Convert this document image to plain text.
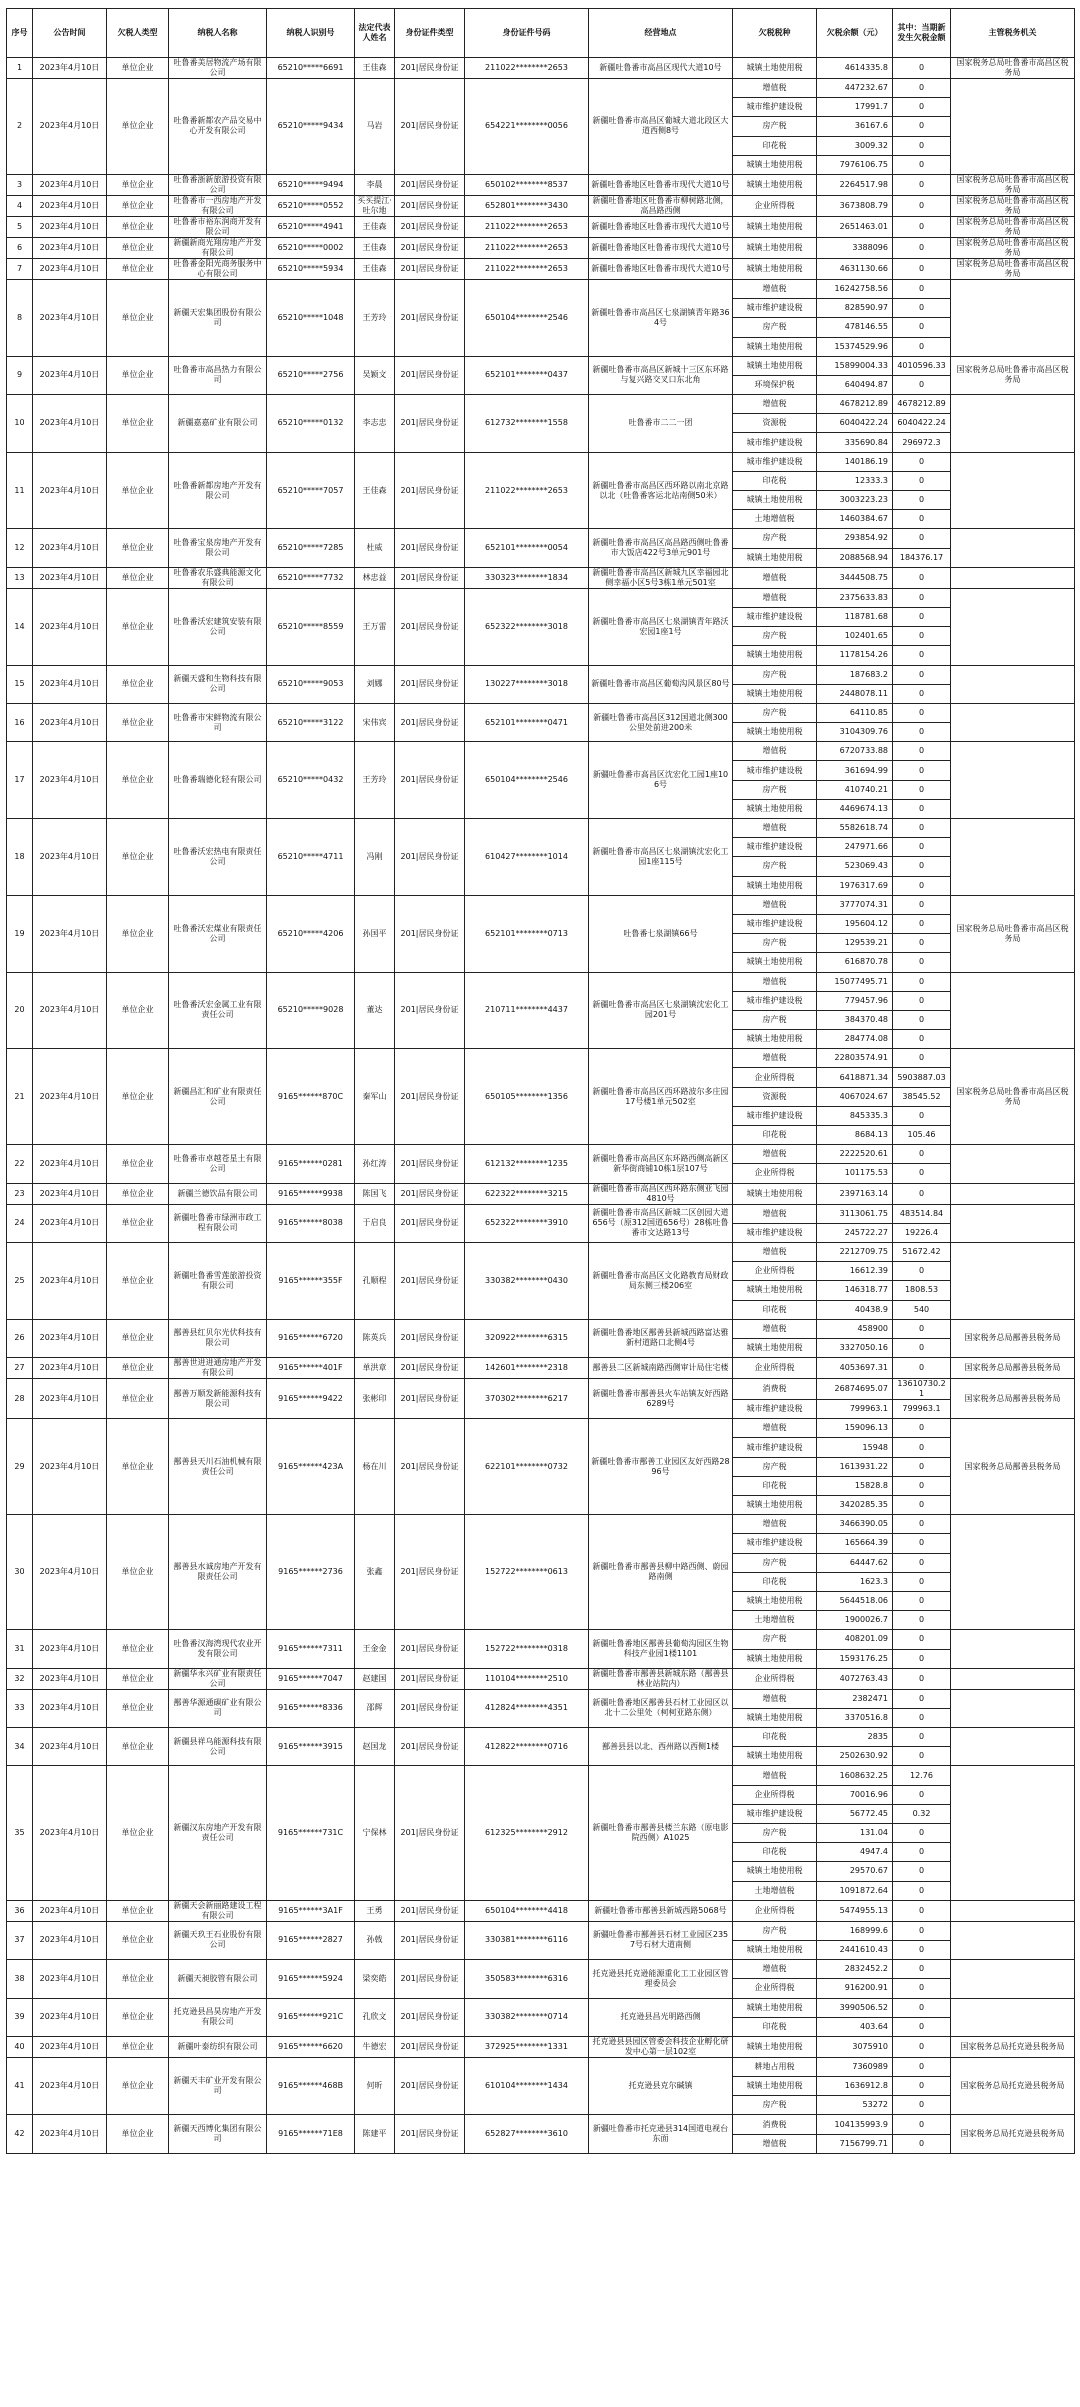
序号	公告时间	欠税人类型	纳税人名称	纳税人识别号	法定代表人姓名	身份证件类型	身份证件号码	经营地点	欠税税种	欠税余额（元）	其中：当期新发生欠税金额	主管税务机关
1	2023年4月10日	单位企业	吐鲁番美居物流产场有限公司	65210*****6691	王佳森	201|居民身份证	211022********2653	新疆吐鲁番市高昌区现代大道10号	城镇土地使用税	4614335.8	0	国家税务总局吐鲁番市高昌区税务局
2	2023年4月10日	单位企业	吐鲁番新都农产品交易中心开发有限公司	65210*****9434	马岩	201|居民身份证	654221********0056	新疆吐鲁番市高昌区葡城大道北段区大道西侧8号	增值税	447232.67	0	
									城市维护建设税	17991.7	0	
									房产税	36167.6	0	
									印花税	3009.32	0	
									城镇土地使用税	7976106.75	0	
3	2023年4月10日	单位企业	吐鲁番浙新旅游投资有限公司	65210*****9494	李晨	201|居民身份证	650102********8537	新疆吐鲁番地区吐鲁番市现代大道10号	城镇土地使用税	2264517.98	0	国家税务总局吐鲁番市高昌区税务局
4	2023年4月10日	单位企业	吐鲁番市一西房地产开发有限公司	65210*****0552	买买提江·吐尔地	201|居民身份证	652801********3430	新疆吐鲁番地区吐鲁番市柳树路北侧，高昌路西侧	企业所得税	3673808.79	0	国家税务总局吐鲁番市高昌区税务局
5	2023年4月10日	单位企业	吐鲁番市裕东润商开发有限公司	65210*****4941	王佳森	201|居民身份证	211022********2653	新疆吐鲁番地区吐鲁番市现代大道10号	城镇土地使用税	2651463.01	0	国家税务总局吐鲁番市高昌区税务局
6	2023年4月10日	单位企业	新疆新商光翔房地产开发有限公司	65210*****0002	王佳森	201|居民身份证	211022********2653	新疆吐鲁番地区吐鲁番市现代大道10号	城镇土地使用税	3388096	0	国家税务总局吐鲁番市高昌区税务局
7	2023年4月10日	单位企业	吐鲁番金阳光商务服务中心有限公司	65210*****5934	王佳森	201|居民身份证	211022********2653	新疆吐鲁番地区吐鲁番市现代大道10号	城镇土地使用税	4631130.66	0	国家税务总局吐鲁番市高昌区税务局
8	2023年4月10日	单位企业	新疆天宏集团股份有限公司	65210*****1048	王芳玲	201|居民身份证	650104********2546	新疆吐鲁番市高昌区七泉湖镇青年路364号	增值税	16242758.56	0	
									城市维护建设税	828590.97	0	
									房产税	478146.55	0	
									城镇土地使用税	15374529.96	0	
9	2023年4月10日	单位企业	吐鲁番市高昌热力有限公司	65210*****2756	吴颖文	201|居民身份证	652101********0437	新疆吐鲁番市高昌区新城十三区东环路与复兴路交叉口东北角	城镇土地使用税	15899004.33	4010596.33	国家税务总局吐鲁番市高昌区税务局
									环境保护税	640494.87	0	
10	2023年4月10日	单位企业	新疆嘉嘉矿业有限公司	65210*****0132	李志忠	201|居民身份证	612732********1558	吐鲁番市二二一团	增值税	4678212.89	4678212.89	
									资源税	6040422.24	6040422.24	
									城市维护建设税	335690.84	296972.3	
11	2023年4月10日	单位企业	吐鲁番新都房地产开发有限公司	65210*****7057	王佳森	201|居民身份证	211022********2653	新疆吐鲁番市高昌区西环路以南北京路以北（吐鲁番客运北站南侧50米）	城市维护建设税	140186.19	0	
									印花税	12333.3	0	
									城镇土地使用税	3003223.23	0	
									土地增值税	1460384.67	0	
12	2023年4月10日	单位企业	吐鲁番宝泉房地产开发有限公司	65210*****7285	杜威	201|居民身份证	652101********0054	新疆吐鲁番市高昌区高昌路西侧吐鲁番市大饭店422号3单元901号	房产税	293854.92	0	
									城镇土地使用税	2088568.94	184376.17	
13	2023年4月10日	单位企业	吐鲁番农乐盛典能源文化有限公司	65210*****7732	林忠益	201|居民身份证	330323********1834	新疆吐鲁番市高昌区新城九区幸福园北侧幸福小区5号3栋1单元501室	增值税	3444508.75	0	
14	2023年4月10日	单位企业	吐鲁番沃宏建筑安装有限公司	65210*****8559	王万雷	201|居民身份证	652322********3018	新疆吐鲁番市高昌区七泉湖镇青年路沃宏园1座1号	增值税	2375633.83	0	
									城市维护建设税	118781.68	0	
									房产税	102401.65	0	
									城镇土地使用税	1178154.26	0	
15	2023年4月10日	单位企业	新疆天盛和生物科技有限公司	65210*****9053	刘娜	201|居民身份证	130227********3018	新疆吐鲁番市高昌区葡萄沟风景区80号	房产税	187683.2	0	
									城镇土地使用税	2448078.11	0	
16	2023年4月10日	单位企业	吐鲁番市宋鲜物流有限公司	65210*****3122	宋伟宾	201|居民身份证	652101********0471	新疆吐鲁番市高昌区312国道北侧300公里处前进200米	房产税	64110.85	0	
									城镇土地使用税	3104309.76	0	
17	2023年4月10日	单位企业	吐鲁番瑞德化轻有限公司	65210*****0432	王芳玲	201|居民身份证	650104********2546	新疆吐鲁番市高昌区沈宏化工园1座106号	增值税	6720733.88	0	
									城市维护建设税	361694.99	0	
									房产税	410740.21	0	
									城镇土地使用税	4469674.13	0	
18	2023年4月10日	单位企业	吐鲁番沃宏热电有限责任公司	65210*****4711	冯刚	201|居民身份证	610427********1014	新疆吐鲁番市高昌区七泉湖镇沈宏化工园1座115号	增值税	5582618.74	0	
									城市维护建设税	247971.66	0	
									房产税	523069.43	0	
									城镇土地使用税	1976317.69	0	
19	2023年4月10日	单位企业	吐鲁番沃宏煤业有限责任公司	65210*****4206	孙国平	201|居民身份证	652101********0713	吐鲁番七泉湖镇66号	增值税	3777074.31	0	国家税务总局吐鲁番市高昌区税务局
									城市维护建设税	195604.12	0	
									房产税	129539.21	0	
									城镇土地使用税	616870.78	0	
20	2023年4月10日	单位企业	吐鲁番沃宏金属工业有限责任公司	65210*****9028	董达	201|居民身份证	210711********4437	新疆吐鲁番市高昌区七泉湖镇沈宏化工园201号	增值税	15077495.71	0	
									城市维护建设税	779457.96	0	
									房产税	384370.48	0	
									城镇土地使用税	284774.08	0	
21	2023年4月10日	单位企业	新疆昌汇和矿业有限责任公司	9165******870C	秦军山	201|居民身份证	650105********1356	新疆吐鲁番市高昌区西环路波尔多庄园17号楼1单元502室	增值税	22803574.91	0	国家税务总局吐鲁番市高昌区税务局
									企业所得税	6418871.34	5903887.03	
									资源税	4067024.67	38545.52	
									城市维护建设税	845335.3	0	
									印花税	8684.13	105.46	
22	2023年4月10日	单位企业	吐鲁番市卓越苍星土有限公司	9165******0281	孙红涛	201|居民身份证	612132********1235	新疆吐鲁番市高昌区东环路西侧高新区新华街商铺10栋1层107号	增值税	2222520.61	0	
									企业所得税	101175.53	0	
23	2023年4月10日	单位企业	新疆兰德饮品有限公司	9165******9938	陈国飞	201|居民身份证	622322********3215	新疆吐鲁番市高昌区西环路东侧亚飞园4810号	城镇土地使用税	2397163.14	0	
24	2023年4月10日	单位企业	新疆吐鲁番市绿洲市政工程有限公司	9165******8038	于启良	201|居民身份证	652322********3910	新疆吐鲁番市高昌区新城二区创园大道656号（原312国道656号）28栋吐鲁番市文达路13号	增值税	3113061.75	483514.84	
									城市维护建设税	245722.27	19226.4	
25	2023年4月10日	单位企业	新疆吐鲁番雪莲旅游投资有限公司	9165******355F	孔顺程	201|居民身份证	330382********0430	新疆吐鲁番市高昌区文化路教育局财政局东侧三楼206室	增值税	2212709.75	51672.42	
									企业所得税	16612.39	0	
									城镇土地使用税	146318.77	1808.53	
									印花税	40438.9	540	
26	2023年4月10日	单位企业	鄯善县红贝尔光伏科技有限公司	9165******6720	陈英兵	201|居民身份证	320922********6315	新疆吐鲁番地区鄯善县新城西路富达雅新村道路口北侧4号	增值税	458900	0	国家税务总局鄯善县税务局
									城镇土地使用税	3327050.16	0	
27	2023年4月10日	单位企业	鄯善世进进通房地产开发有限公司	9165******401F	单洪章	201|居民身份证	142601********2318	鄯善县二区新城南路西侧审计局住宅楼	企业所得税	4053697.31	0	国家税务总局鄯善县税务局
28	2023年4月10日	单位企业	鄯善万顺发新能源科技有限公司	9165******9422	张彬印	201|居民身份证	370302********6217	新疆吐鲁番市鄯善县火车站镇友好西路6289号	消费税	26874695.07	13610730.21	国家税务总局鄯善县税务局
									城市维护建设税	799963.1	799963.1	
29	2023年4月10日	单位企业	鄯善县天川石油机械有限责任公司	9165******423A	杨在川	201|居民身份证	622101********0732	新疆吐鲁番市鄯善工业园区友好西路2896号	增值税	159096.13	0	国家税务总局鄯善县税务局
									城市维护建设税	15948	0	
									房产税	1613931.22	0	
									印花税	15828.8	0	
									城镇土地使用税	3420285.35	0	
30	2023年4月10日	单位企业	鄯善县水诚房地产开发有限责任公司	9165******2736	张鑫	201|居民身份证	152722********0613	新疆吐鲁番市鄯善县柳中路西侧、蔚园路南侧	增值税	3466390.05	0	
									城市维护建设税	165664.39	0	
									房产税	64447.62	0	
									印花税	1623.3	0	
									城镇土地使用税	5644518.06	0	
									土地增值税	1900026.7	0	
31	2023年4月10日	单位企业	吐鲁番汉海湾现代农业开发有限公司	9165******7311	王金金	201|居民身份证	152722********0318	新疆吐鲁番地区鄯善县葡萄沟园区生物科技产业园1楼1101	房产税	408201.09	0	
									城镇土地使用税	1593176.25	0	
32	2023年4月10日	单位企业	新疆华永兴矿业有限责任公司	9165******7047	赵建国	201|居民身份证	110104********2510	新疆吐鲁番市鄯善县新城东路（鄯善县林业站院内）	企业所得税	4072763.43	0	
33	2023年4月10日	单位企业	鄯善华源通碳矿业有限公司	9165******8336	邵辉	201|居民身份证	412824********4351	新疆吐鲁番地区鄯善县石材工业园区以北十二公里处（柯柯亚路东侧）	增值税	2382471	0	
									城镇土地使用税	3370516.8	0	
34	2023年4月10日	单位企业	新疆县祥乌能源科技有限公司	9165******3915	赵国龙	201|居民身份证	412822********0716	鄯善县县以北、西州路以西侧1楼	印花税	2835	0	
									城镇土地使用税	2502630.92	0	
35	2023年4月10日	单位企业	新疆汉东房地产开发有限责任公司	9165******731C	宁保林	201|居民身份证	612325********2912	新疆吐鲁番市鄯善县楼兰东路（原电影院西侧）A1025	增值税	1608632.25	12.76	
									企业所得税	70016.96	0	
									城市维护建设税	56772.45	0.32	
									房产税	131.04	0	
									印花税	4947.4	0	
									城镇土地使用税	29570.67	0	
									土地增值税	1091872.64	0	
36	2023年4月10日	单位企业	新疆天会新丽路建设工程有限公司	9165******3A1F	王勇	201|居民身份证	650104********4418	新疆吐鲁番市鄯善县新城西路5068号	企业所得税	5474955.13	0	
37	2023年4月10日	单位企业	新疆天玖王石业股份有限公司	9165******2827	孙戟	201|居民身份证	330381********6116	新疆吐鲁番市鄯善县石材工业园区2357号石材大道南侧	房产税	168999.6	0	
									城镇土地使用税	2441610.43	0	
38	2023年4月10日	单位企业	新疆天昶胶管有限公司	9165******5924	梁奕皓	201|居民身份证	350583********6316	托克逊县托克逊能源重化工工业园区管理委员会	增值税	2832452.2	0	
									企业所得税	916200.91	0	
39	2023年4月10日	单位企业	托克逊县昌昊房地产开发有限公司	9165******921C	孔欣文	201|居民身份证	330382********0714	托克逊县昌光明路西侧	城镇土地使用税	3990506.52	0	
									印花税	403.64	0	
40	2023年4月10日	单位企业	新疆叶泰纺织有限公司	9165******6620	牛德宏	201|居民身份证	372925********1331	托克逊县县园区管委会科技企业孵化研发中心第一层102室	城镇土地使用税	3075910	0	国家税务总局托克逊县税务局
41	2023年4月10日	单位企业	新疆天丰矿业开发有限公司	9165******468B	何昕	201|居民身份证	610104********1434	托克逊县克尔碱镇	耕地占用税	7360989	0	国家税务总局托克逊县税务局
									城镇土地使用税	1636912.8	0	
									房产税	53272	0	
42	2023年4月10日	单位企业	新疆天西博化集团有限公司	9165******71E8	陈建平	201|居民身份证	652827********3610	新疆吐鲁番市托克逊县314国道电视台东面	消费税	104135993.9	0	国家税务总局托克逊县税务局
									增值税	7156799.71	0	
